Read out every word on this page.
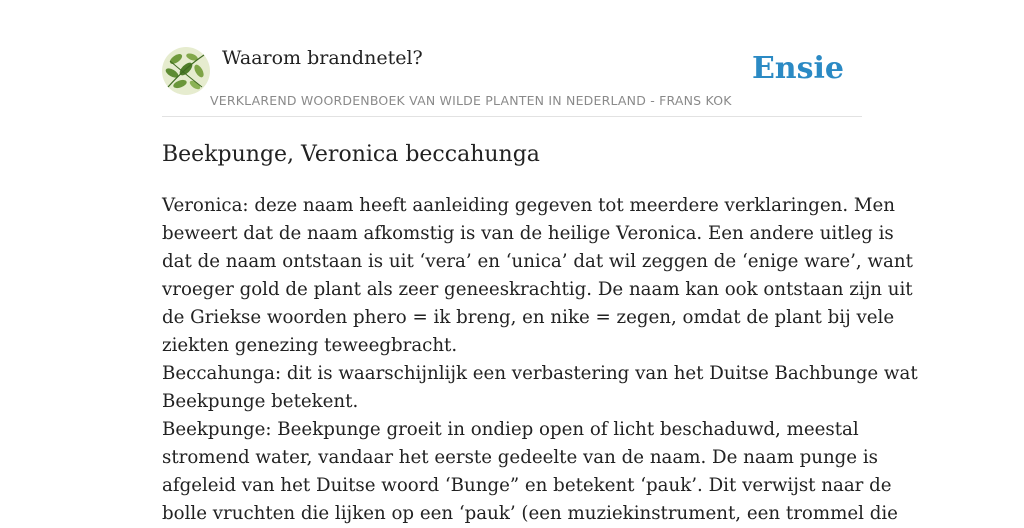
Waarom brandnetel?
VERKLAREND WOORDENBOEK VAN WILDE PLANTEN IN NEDERLAND - FRANS KOK
Ensie
Beekpunge, Veronica beccahunga

Veronica: deze naam heeft aanleiding gegeven tot meerdere verklaringen. Men

beweert dat de naam afkomstig is van de heilige Veronica. Een andere uitleg is

dat de naam ontstaan is uit ‘vera’ en ‘unica’ dat wil zeggen de ‘enige ware’, want

vroeger gold de plant als zeer geneeskrachtig. De naam kan ook ontstaan zijn uit

de Griekse woorden phero = ik breng, en nike = zegen, omdat de plant bij vele

ziekten genezing teweegbracht.

Beccahunga: dit is waarschijnlijk een verbastering van het Duitse Bachbunge wat

Beekpunge betekent.

Beekpunge: Beekpunge groeit in ondiep open of licht beschaduwd, meestal

stromend water, vandaar het eerste gedeelte van de naam. De naam punge is

afgeleid van het Duitse woord ‘Bunge” en betekent ‘pauk’. Dit verwijst naar de

bolle vruchten die lijken op een ‘pauk’ (een muziekinstrument, een trommel die
